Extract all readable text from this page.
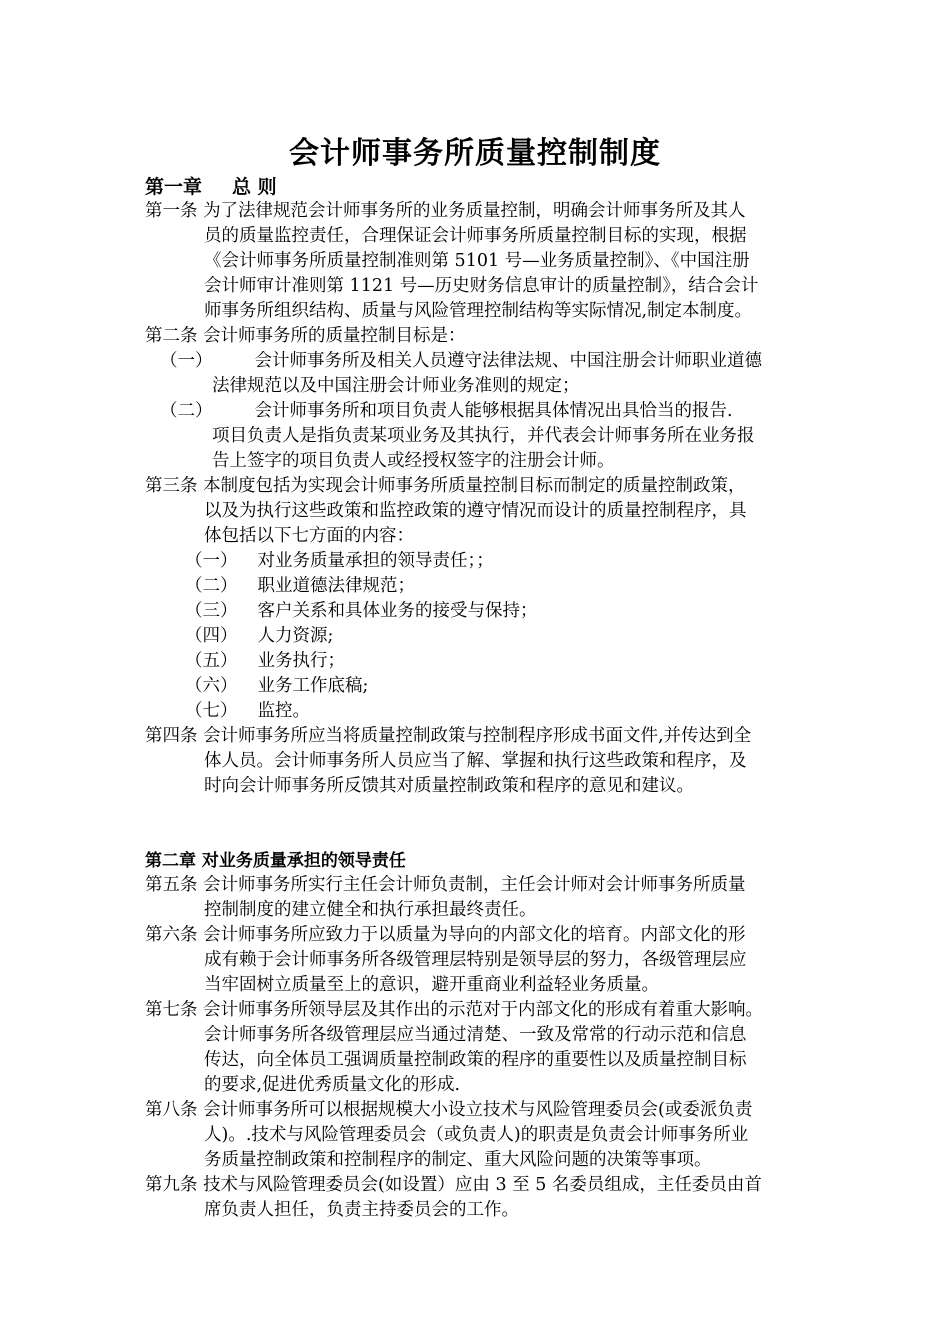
会计师事务所质量控制制度
第一章 总 则
第一条 为了法律规范会计师事务所的业务质量控制，明确会计师事务所及其人
员的质量监控责任，合理保证会计师事务所质量控制目标的实现，根据
《会计师事务所质量控制准则第 5101 号—业务质量控制》、《中国注册
会计师审计准则第 1121 号—历史财务信息审计的质量控制》，结合会计
师事务所组织结构、质量与风险管理控制结构等实际情况,制定本制度。
第二条 会计师事务所的质量控制目标是：
（一） 会计师事务所及相关人员遵守法律法规、中国注册会计师职业道德
法律规范以及中国注册会计师业务准则的规定；
（二） 会计师事务所和项目负责人能够根据具体情况出具恰当的报告.
项目负责人是指负责某项业务及其执行，并代表会计师事务所在业务报
告上签字的项目负责人或经授权签字的注册会计师。
第三条 本制度包括为实现会计师事务所质量控制目标而制定的质量控制政策，
以及为执行这些政策和监控政策的遵守情况而设计的质量控制程序，具
体包括以下七方面的内容：
（一） 对业务质量承担的领导责任；；
（二） 职业道德法律规范；
（三） 客户关系和具体业务的接受与保持；
（四） 人力资源;
（五） 业务执行；
（六） 业务工作底稿;
（七） 监控。
第四条 会计师事务所应当将质量控制政策与控制程序形成书面文件,并传达到全
体人员。会计师事务所人员应当了解、掌握和执行这些政策和程序，及
时向会计师事务所反馈其对质量控制政策和程序的意见和建议。
第二章 对业务质量承担的领导责任
第五条 会计师事务所实行主任会计师负责制，主任会计师对会计师事务所质量
控制制度的建立健全和执行承担最终责任。
第六条 会计师事务所应致力于以质量为导向的内部文化的培育。内部文化的形
成有赖于会计师事务所各级管理层特别是领导层的努力，各级管理层应
当牢固树立质量至上的意识，避开重商业利益轻业务质量。
第七条 会计师事务所领导层及其作出的示范对于内部文化的形成有着重大影响。
会计师事务所各级管理层应当通过清楚、一致及常常的行动示范和信息
传达，向全体员工强调质量控制政策的程序的重要性以及质量控制目标
的要求,促进优秀质量文化的形成.
第八条 会计师事务所可以根据规模大小设立技术与风险管理委员会(或委派负责
人)。.技术与风险管理委员会（或负责人)的职责是负责会计师事务所业
务质量控制政策和控制程序的制定、重大风险问题的决策等事项。
第九条 技术与风险管理委员会(如设置）应由 3 至 5 名委员组成，主任委员由首
席负责人担任，负责主持委员会的工作。
